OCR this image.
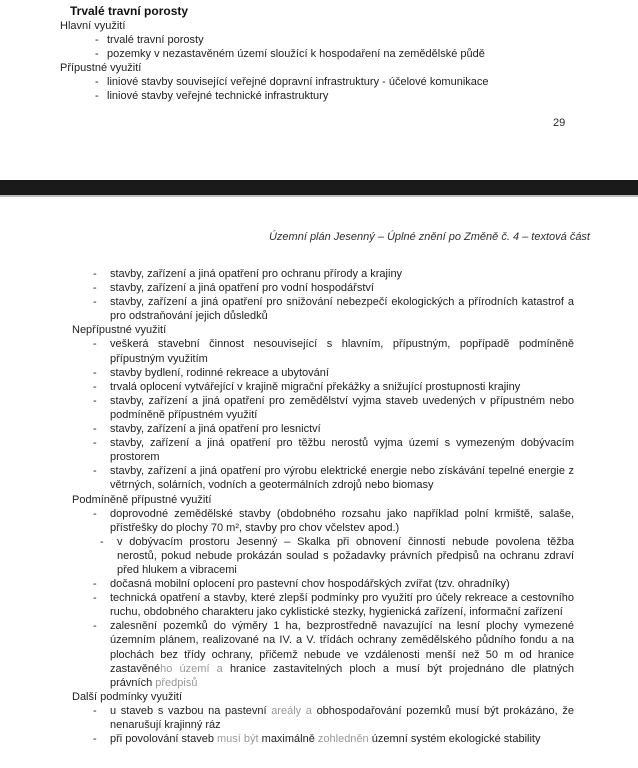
Trvalé travní porosty
Hlavní využití
- trvalé travní porosty
- pozemky v nezastavěném území sloužící k hospodaření na zemědělské půdě
Přípustné využití
- liniové stavby související veřejné dopravní infrastruktury - účelové komunikace
- liniové stavby veřejné technické infrastruktury
29
Územní plán Jesenný – Úplné znění po Změně č. 4 – textová část
- stavby, zařízení a jiná opatření pro ochranu přírody a krajiny
- stavby, zařízení a jiná opatření pro vodní hospodářství
- stavby, zařízení a jiná opatření pro snižování nebezpečí ekologických a přírodních katastrof a pro odstraňování jejich důsledků
Nepřípustné využití
- veškerá stavební činnost nesouvisející s hlavním, přípustným, popřípadě podmíněně přípustným využitím
- stavby bydlení, rodinné rekreace a ubytování
- trvalá oplocení vytvářející v krajině migrační překážky a snižující prostupnosti krajiny
- stavby, zařízení a jiná opatření pro zemědělství vyjma staveb uvedených v přípustném nebo podmíněně přípustném využití
- stavby, zařízení a jiná opatření pro lesnictví
- stavby, zařízení a jiná opatření pro těžbu nerostů vyjma území s vymezeným dobývacím prostorem
- stavby, zařízení a jiná opatření pro výrobu elektrické energie nebo získávání tepelné energie z větrných, solárních, vodních a geotermálních zdrojů nebo biomasy
Podmíněně přípustné využití
- doprovodné zemědělské stavby (obdobného rozsahu jako například polní krmiště, salaše, přístřešky do plochy 70 m², stavby pro chov včelstev apod.)
- v dobývacím prostoru Jesenný – Skalka při obnovení činnosti nebude povolena těžba nerostů, pokud nebude prokázán soulad s požadavky právních předpisů na ochranu zdraví před hlukem a vibracemi
- dočasná mobilní oplocení pro pastevní chov hospodářských zvířat (tzv. ohradníky)
- technická opatření a stavby, které zlepší podmínky pro využití pro účely rekreace a cestovního ruchu, obdobného charakteru jako cyklistické stezky, hygienická zařízení, informační zařízení
- zalesnění pozemků do výměry 1 ha, bezprostředně navazující na lesní plochy vymezené územním plánem, realizované na IV. a V. třídách ochrany zemědělského půdního fondu a na plochách bez třídy ochrany, přičemž nebude ve vzdálenosti menší než 50 m od hranice zastavěného území a hranice zastavitelných ploch a musí být projednáno dle platných právních předpisů
Další podmínky využití
- u staveb s vazbou na pastevní areály a obhospodařování pozemků musí být prokázáno, že nenarušují krajinný ráz
- při povolování staveb musí být maximálně zohledněn územní systém ekologické stability
